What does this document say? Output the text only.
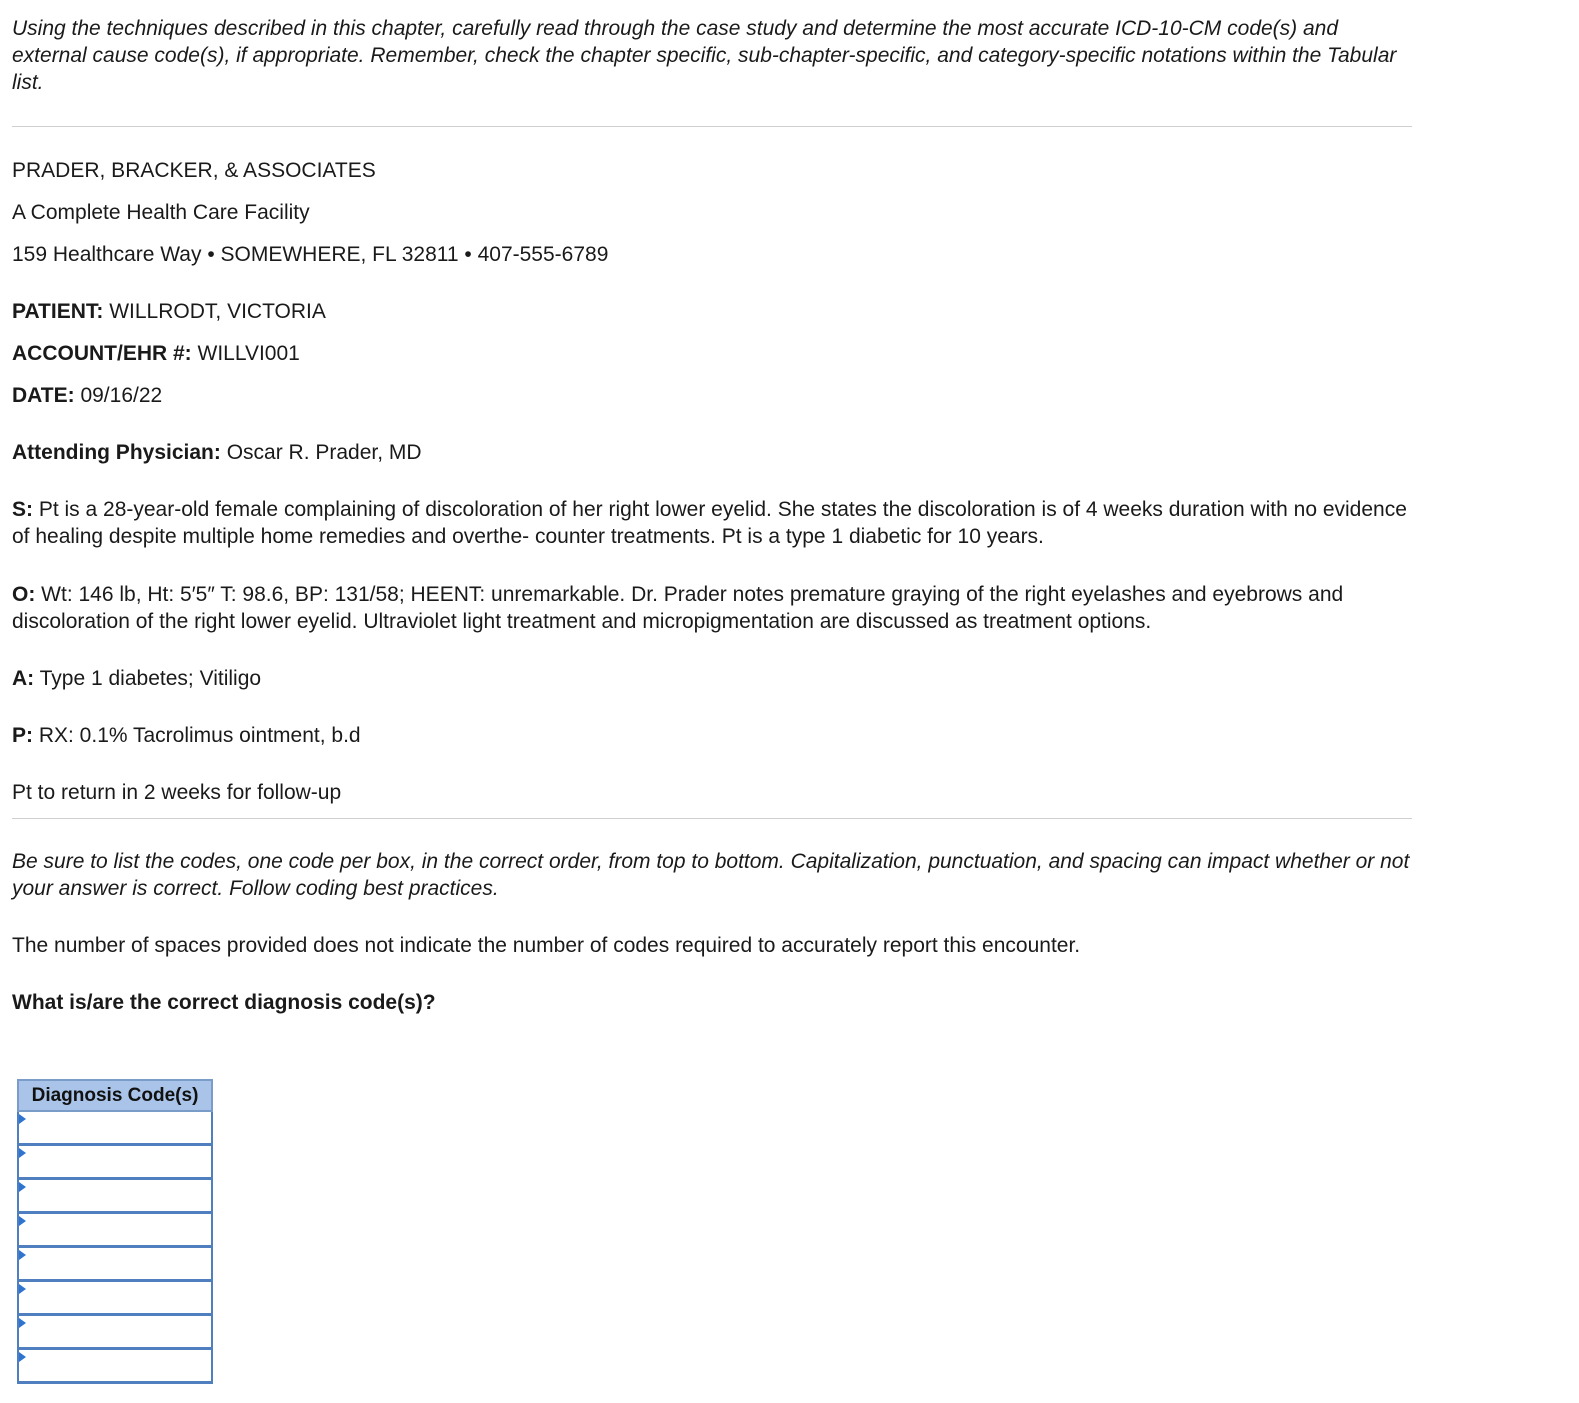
Using the techniques described in this chapter, carefully read through the case study and determine the most accurate ICD-10-CM code(s) and external cause code(s), if appropriate. Remember, check the chapter specific, sub-chapter-specific, and category-specific notations within the Tabular list.

PRADER, BRACKER, & ASSOCIATES

A Complete Health Care Facility

159 Healthcare Way • SOMEWHERE, FL 32811 • 407-555-6789

PATIENT: WILLRODT, VICTORIA

ACCOUNT/EHR #: WILLVI001

DATE: 09/16/22

Attending Physician: Oscar R. Prader, MD

S: Pt is a 28-year-old female complaining of discoloration of her right lower eyelid. She states the discoloration is of 4 weeks duration with no evidence of healing despite multiple home remedies and overthe- counter treatments. Pt is a type 1 diabetic for 10 years.

O: Wt: 146 lb, Ht: 5′5″ T: 98.6, BP: 131/58; HEENT: unremarkable. Dr. Prader notes premature graying of the right eyelashes and eyebrows and discoloration of the right lower eyelid. Ultraviolet light treatment and micropigmentation are discussed as treatment options.

A: Type 1 diabetes; Vitiligo

P: RX: 0.1% Tacrolimus ointment, b.d

Pt to return in 2 weeks for follow-up

Be sure to list the codes, one code per box, in the correct order, from top to bottom. Capitalization, punctuation, and spacing can impact whether or not your answer is correct. Follow coding best practices.

The number of spaces provided does not indicate the number of codes required to accurately report this encounter.

What is/are the correct diagnosis code(s)?

Diagnosis Code(s)
